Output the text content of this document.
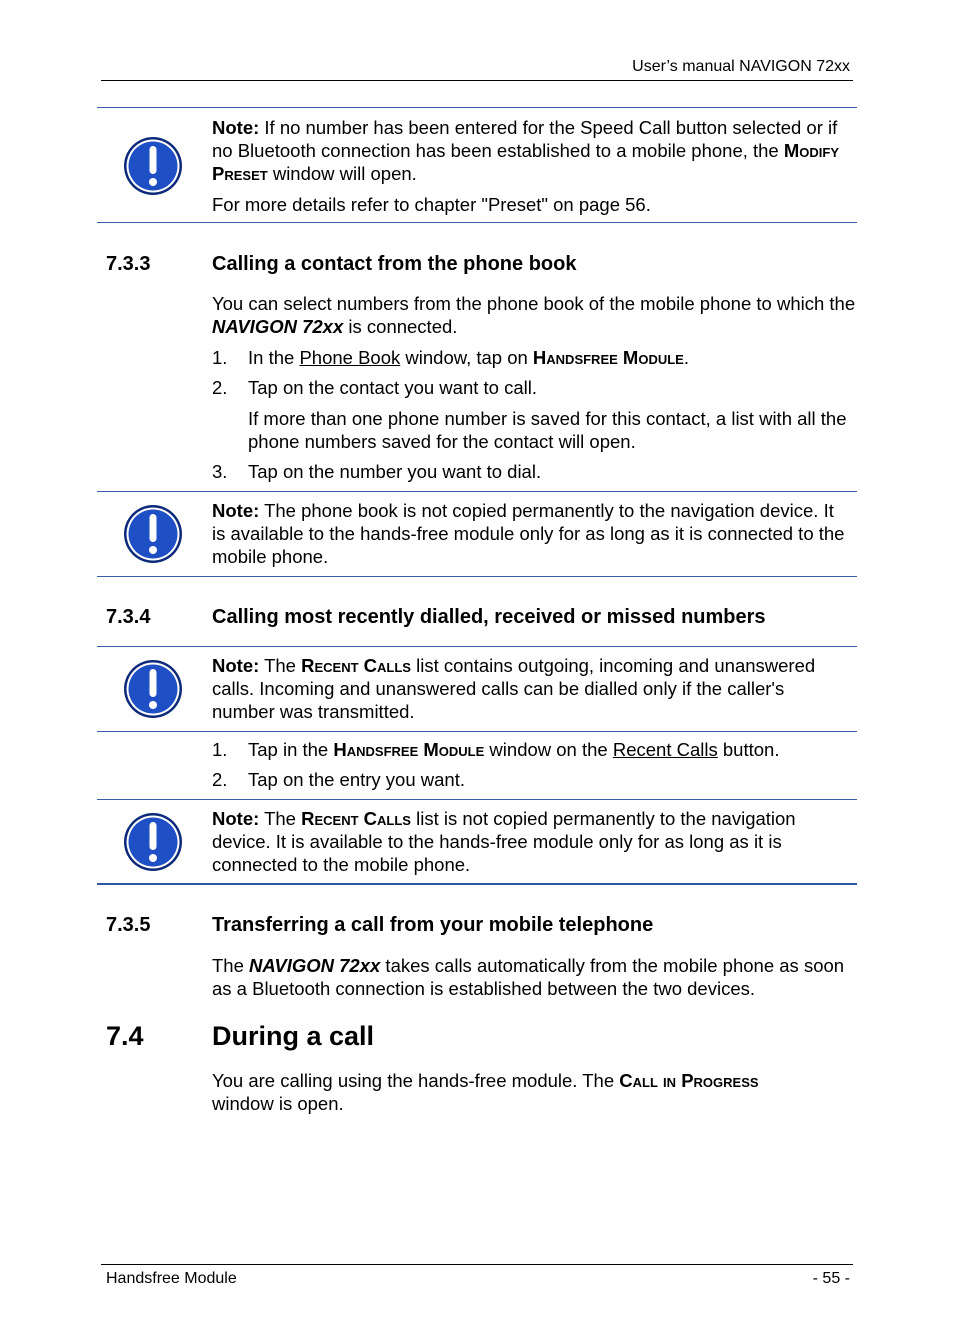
User’s manual NAVIGON 72xx

Note: If no number has been entered for the Speed Call button selected or if no Bluetooth connection has been established to a mobile phone, the Modify Preset window will open.

For more details refer to chapter "Preset" on page 56.

7.3.3	Calling a contact from the phone book

You can select numbers from the phone book of the mobile phone to which the NAVIGON 72xx is connected.

1. In the Phone Book window, tap on Handsfree Module.
2. Tap on the contact you want to call.
If more than one phone number is saved for this contact, a list with all the phone numbers saved for the contact will open.
3. Tap on the number you want to dial.

Note: The phone book is not copied permanently to the navigation device. It is available to the hands-free module only for as long as it is connected to the mobile phone.

7.3.4	Calling most recently dialled, received or missed numbers

Note: The Recent Calls list contains outgoing, incoming and unanswered calls. Incoming and unanswered calls can be dialled only if the caller's number was transmitted.

1. Tap in the Handsfree Module window on the Recent Calls button.
2. Tap on the entry you want.

Note: The Recent Calls list is not copied permanently to the navigation device. It is available to the hands-free module only for as long as it is connected to the mobile phone.

7.3.5	Transferring a call from your mobile telephone

The NAVIGON 72xx takes calls automatically from the mobile phone as soon as a Bluetooth connection is established between the two devices.

7.4	During a call

You are calling using the hands-free module. The Call in Progress
window is open.

Handsfree Module	- 55 -
